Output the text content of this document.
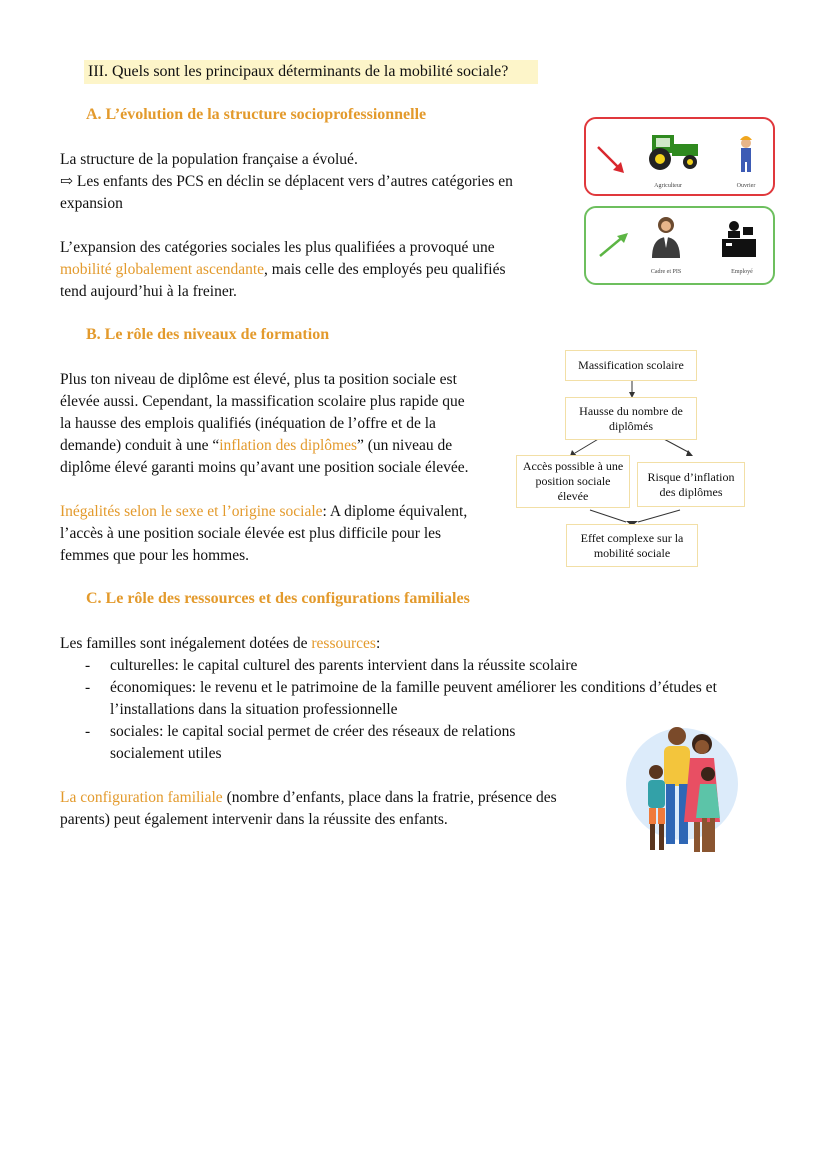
III. Quels sont les principaux déterminants de la mobilité sociale?
A. L’évolution de la structure socioprofessionnelle
La structure de la population française a évolué.
⇨ Les enfants des PCS en déclin se déplacent vers d’autres catégories en
expansion
L’expansion des catégories sociales les plus qualifiées a provoqué une
mobilité globalement ascendante, mais celle des employés peu qualifiés
tend aujourd’hui à la freiner.
Agriculteur	Ouvrier
Cadre et PIS	Employé
B. Le rôle des niveaux de formation
Plus ton niveau de diplôme est élevé, plus ta position sociale est
élevée aussi. Cependant, la massification scolaire plus rapide que
la hausse des emplois qualifiés (inéquation de l’offre et de la
demande) conduit à une “inflation des diplômes” (un niveau de
diplôme élevé garanti moins qu’avant une position sociale élevée.
Inégalités selon le sexe et l’origine sociale: A diplome équivalent,
l’accès à une position sociale élevée est plus difficile pour les
femmes que pour les hommes.
Massification scolaire
Hausse du nombre de diplômés
Accès possible à une position sociale élevée
Risque d’inflation des diplômes
Effet complexe sur la mobilité sociale
C. Le rôle des ressources et des configurations familiales
Les familles sont inégalement dotées de ressources:
- culturelles: le capital culturel des parents intervient dans la réussite scolaire
- économiques: le revenu et le patrimoine de la famille peuvent améliorer les conditions d’études et
l’installations dans la situation professionnelle
- sociales: le capital social permet de créer des réseaux de relations
socialement utiles
La configuration familiale (nombre d’enfants, place dans la fratrie, présence des
parents) peut également intervenir dans la réussite des enfants.
